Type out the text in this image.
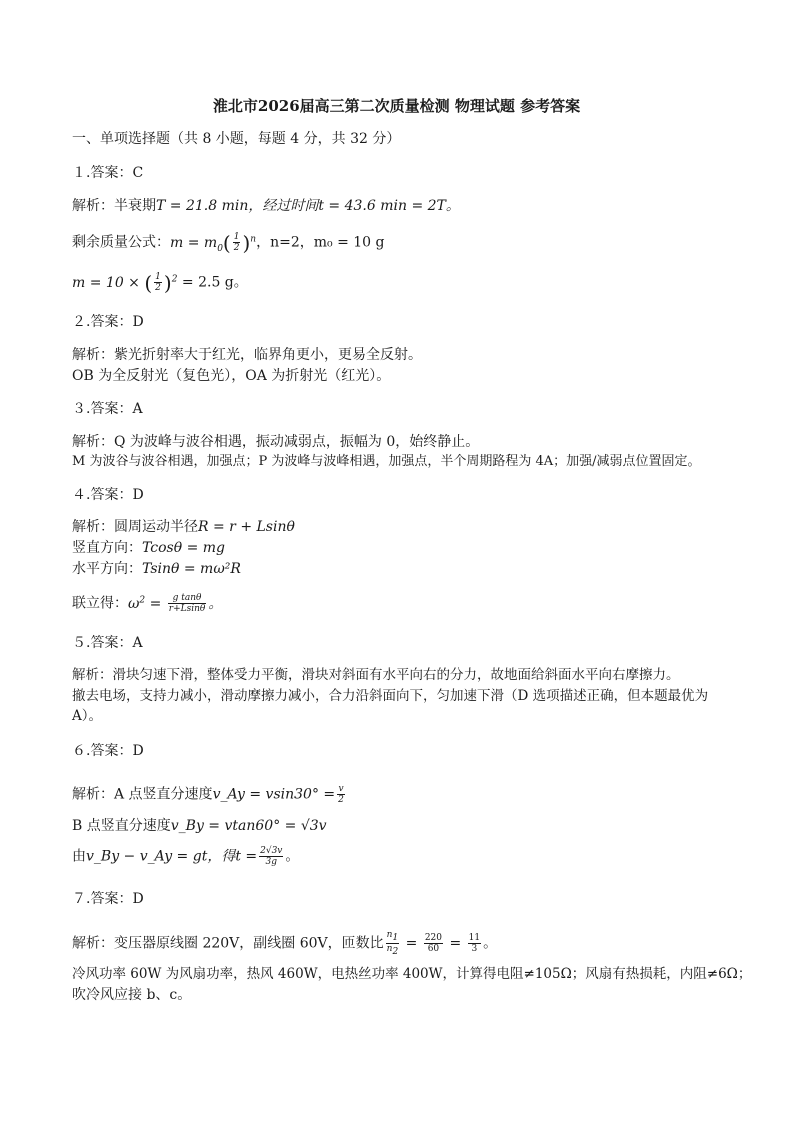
淮北市2026届高三第二次质量检测 物理试题 参考答案
一、单项选择题（共 8 小题，每题 4 分，共 32 分）
１.答案：C
解析：半衰期T = 21.8 min，经过时间t = 43.6 min = 2T。
剩余质量公式：$m = m_0( \frac{1}{2} )^n$，n=2，m₀ = 10 g
m = 10 × ( $\frac{1}{2} )^2 = 2.5$ g。
２.答案：D
解析：紫光折射率大于红光，临界角更小，更易全反射。
OB 为全反射光（复色光），OA 为折射光（红光）。
３.答案：A
解析：Q 为波峰与波谷相遇，振动减弱点，振幅为 0，始终静止。
M 为波谷与波谷相遇，加强点；P 为波峰与波峰相遇，加强点，半个周期路程为 4A；加强/减弱点位置固定。
４.答案：D
解析：圆周运动半径R = r + Lsinθ
竖直方向：Tcosθ = mg
水平方向：Tsinθ = mω²R
联立得：$\omega^2 = \frac{\text{g tanθ}}{r+Lsin\theta}$ 。
５.答案：A
解析：滑块匀速下滑，整体受力平衡，滑块对斜面有水平向右的分力，故地面给斜面水平向右摩擦力。
撤去电场，支持力减小，滑动摩擦力减小，合力沿斜面向下，匀加速下滑（D 选项描述正确，但本题最优为 A）。
６.答案：D
解析：A 点竖直分速度v_Ay = $vsin30^\circ = \frac{v}{2}$
B 点竖直分速度v_By = vtan60° = √3v
由v_By − v_Ay = gt，得$t = \frac{2√3v}{3g}$ 。
７.答案：D
解析：变压器原线圈 220V，副线圈 60V，匝数比 $\frac{n_1}{n_2} = \frac{220}{60} = \frac{11}{3}$ 。
冷风功率 60W 为风扇功率，热风 460W，电热丝功率 400W，计算得电阻≠105Ω；风扇有热损耗，内阻≠6Ω；
吹冷风应接 b、c。
